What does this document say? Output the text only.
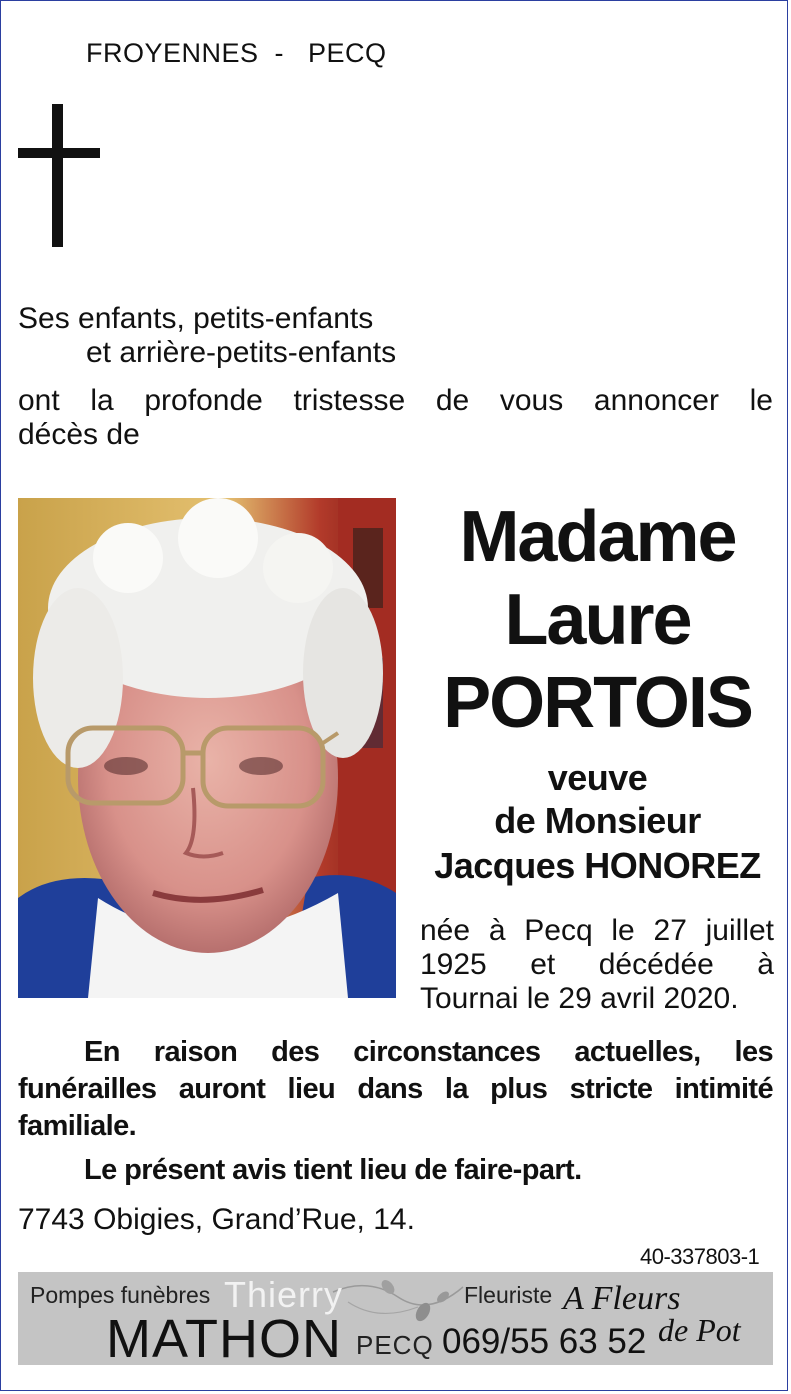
FROYENNES  -   PECQ
Ses enfants, petits-enfants
et arrière-petits-enfants
ont la profonde tristesse de vous annoncer le
décès de
Madame
Laure
PORTOIS
veuve
de Monsieur
Jacques HONOREZ
née à Pecq le 27 juillet
1925 et décédée à
Tournai le 29 avril 2020.
En raison des circonstances actuelles, les funérailles auront lieu dans la plus stricte intimité familiale.
Le présent avis tient lieu de faire-part.
7743 Obigies, Grand’Rue, 14.
40-337803-1
Pompes funèbres Thierry
MATHON PECQ 069/55 63 52
Fleuriste A Fleurs
de Pot
